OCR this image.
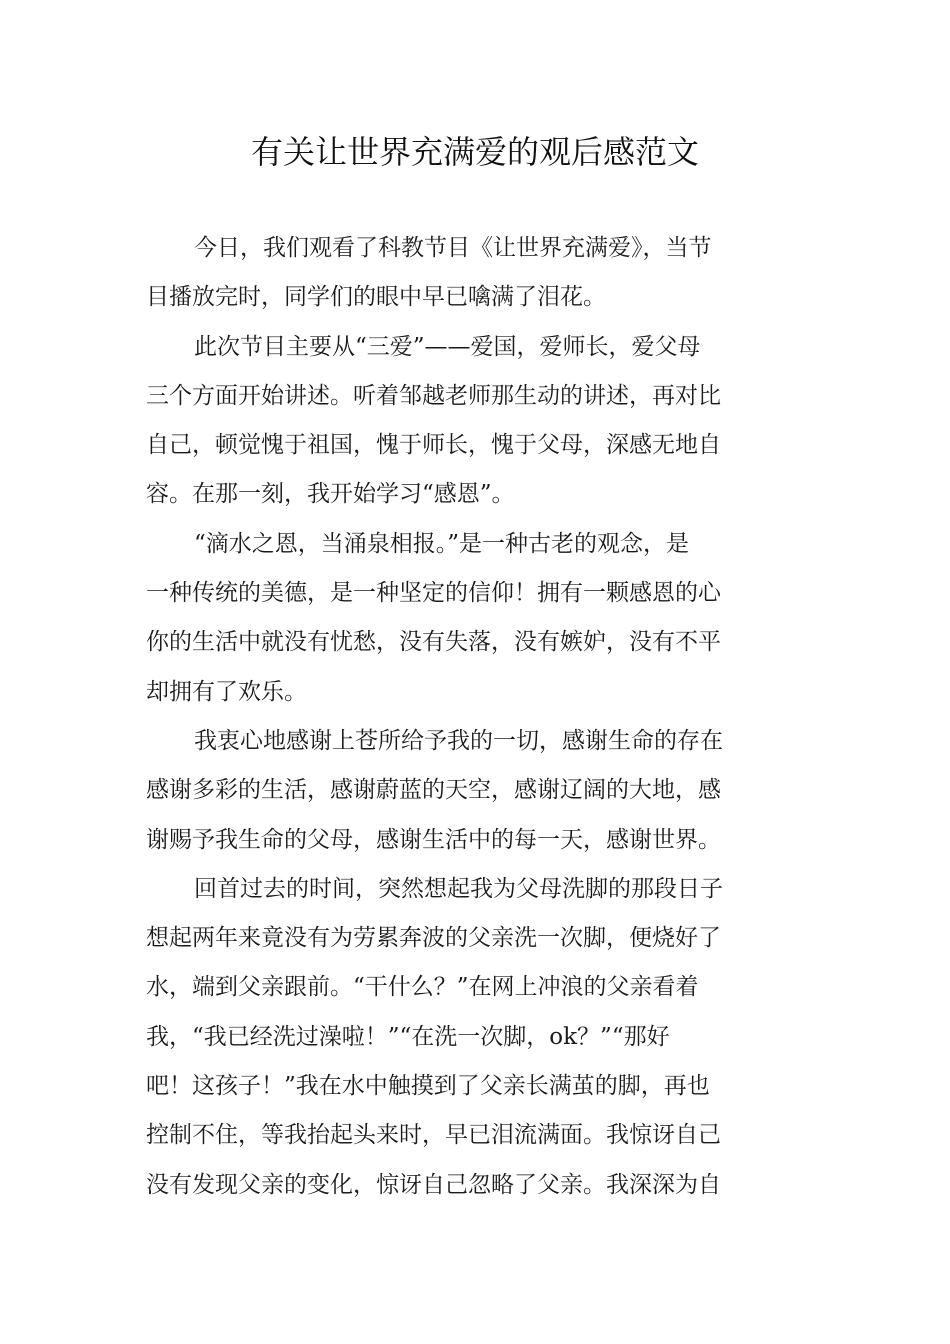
有关让世界充满爱的观后感范文

今日，我们观看了科教节目《让世界充满爱》，当节
目播放完时，同学们的眼中早已噙满了泪花。

此次节目主要从“三爱”——爱国，爱师长，爱父母
三个方面开始讲述。听着邹越老师那生动的讲述，再对比
自己，顿觉愧于祖国，愧于师长，愧于父母，深感无地自
容。在那一刻，我开始学习“感恩”。

“滴水之恩，当涌泉相报。”是一种古老的观念，是
一种传统的美德，是一种坚定的信仰！拥有一颗感恩的心
你的生活中就没有忧愁，没有失落，没有嫉妒，没有不平
却拥有了欢乐。

我衷心地感谢上苍所给予我的一切，感谢生命的存在
感谢多彩的生活，感谢蔚蓝的天空，感谢辽阔的大地，感
谢赐予我生命的父母，感谢生活中的每一天，感谢世界。

回首过去的时间，突然想起我为父母洗脚的那段日子
想起两年来竟没有为劳累奔波的父亲洗一次脚，便烧好了
水，端到父亲跟前。“干什么？”在网上冲浪的父亲看着
我，“我已经洗过澡啦！”“在洗一次脚，ok？”“那好
吧！这孩子！”我在水中触摸到了父亲长满茧的脚，再也
控制不住，等我抬起头来时，早已泪流满面。我惊讶自己
没有发现父亲的变化，惊讶自己忽略了父亲。我深深为自
